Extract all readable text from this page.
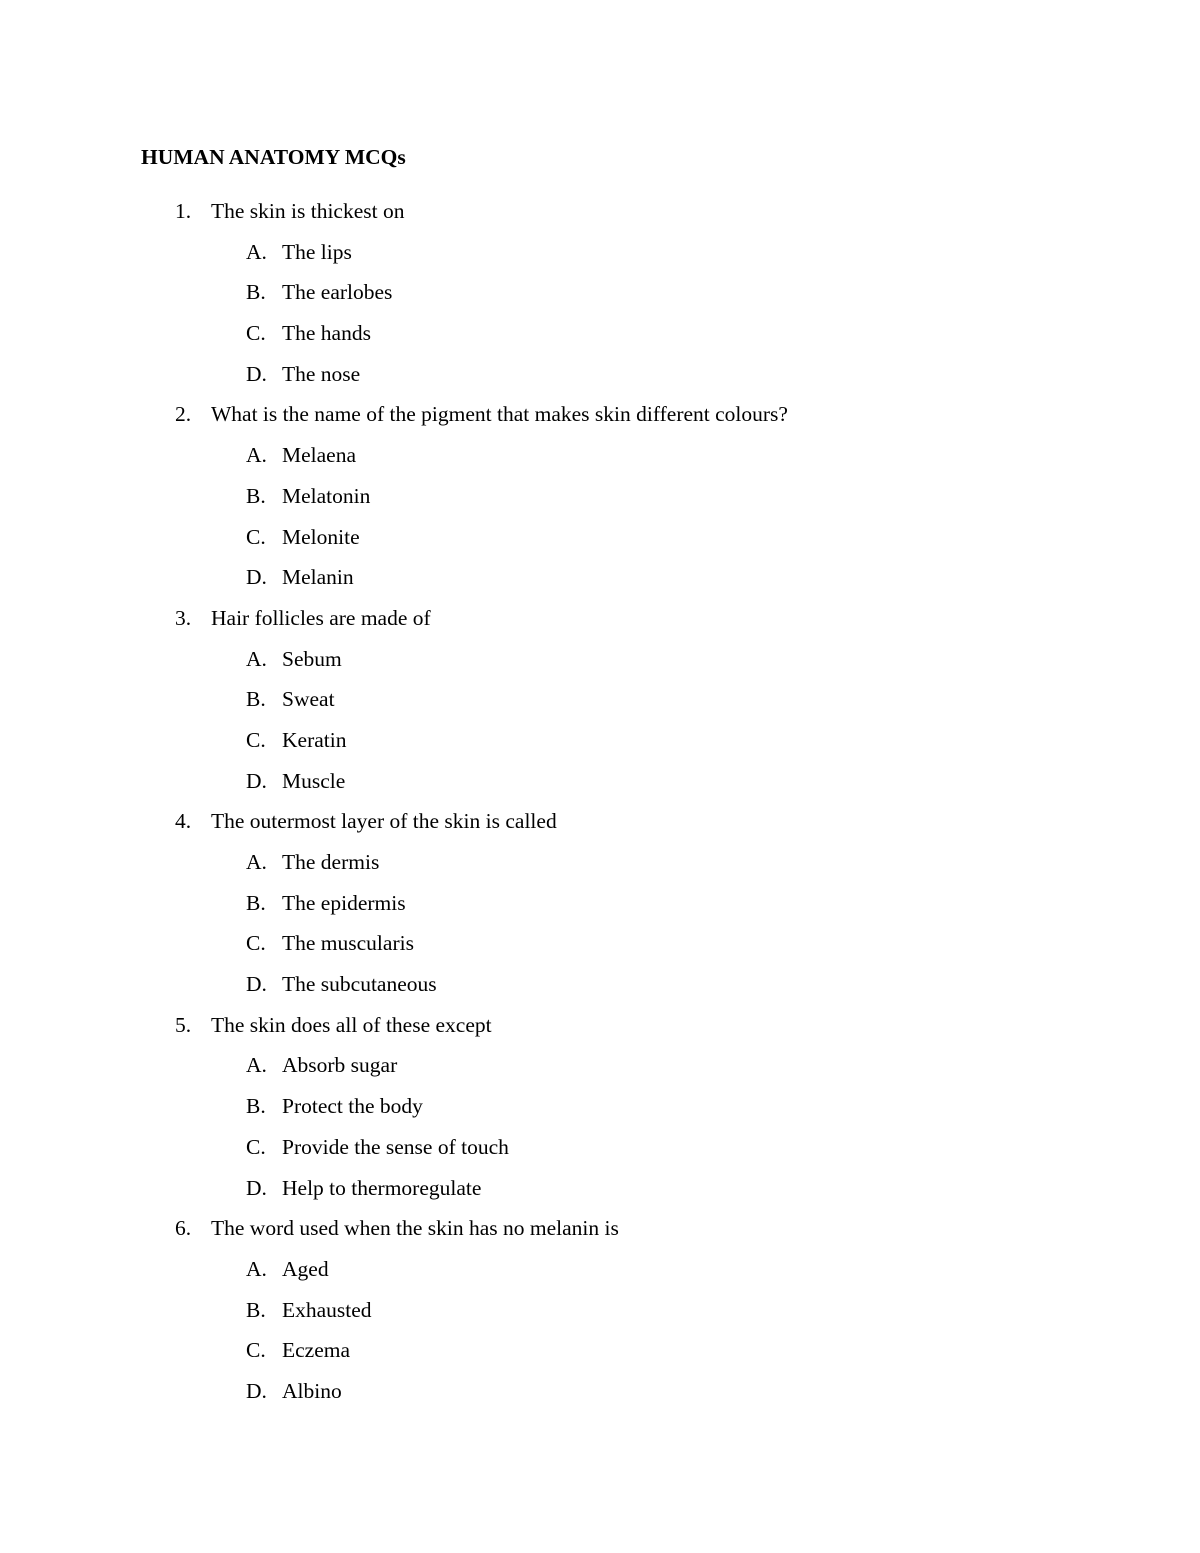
HUMAN ANATOMY MCQs
1. The skin is thickest on
A. The lips
B. The earlobes
C. The hands
D. The nose
2. What is the name of the pigment that makes skin different colours?
A. Melaena
B. Melatonin
C. Melonite
D. Melanin
3. Hair follicles are made of
A. Sebum
B. Sweat
C. Keratin
D. Muscle
4. The outermost layer of the skin is called
A. The dermis
B. The epidermis
C. The muscularis
D. The subcutaneous
5. The skin does all of these except
A. Absorb sugar
B. Protect the body
C. Provide the sense of touch
D. Help to thermoregulate
6. The word used when the skin has no melanin is
A. Aged
B. Exhausted
C. Eczema
D. Albino
